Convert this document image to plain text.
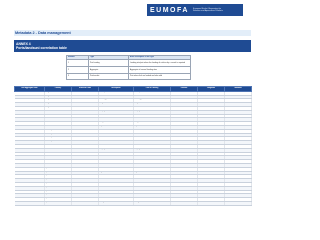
EUMOFA European Market Observatory for
Fisheries and Aquaculture Products
Metadata 2 - Data management
ANNEX 4
Ports/landsuni correlation table
Number	Type	Brief description of the type
1	Port landing	Landing site/port where the landing of catches by a vessel is reported
2	Aggregate	Aggregate of several landing sites
3	Port/market	Port where fish are landed and also sold
MS/ Aggregate code	Country	EUMOFA Code	Description	Port of Landing	Latitude	Longitude	Standard
BE	Belgium	BE01	Nieuwpoort	Nieuwpoort	51.1333	2.7500	Port
BE	Belgium	BE02	Oostende	Oostende	51.2333	2.9167	Port
BE	Belgium	BE03	Zeebrugge	Zeebrugge	51.3333	3.2000	Port
BG	Bulgaria	BG01	Burgas	Burgas	42.4833	27.4833	Port
BG	Bulgaria	BG02	Varna	Varna	43.2000	27.9167	Port
DK	Denmark	DK01	Esbjerg	Esbjerg	55.4667	8.4500	Port
DK	Denmark	DK02	Hanstholm	Hanstholm	57.1167	8.6000	Port
DK	Denmark	DK03	Hirtshals	Hirtshals	57.5833	9.9667	Port
DK	Denmark	DK04	Skagen	Skagen	57.7167	10.5833	Port
DK	Denmark	DK05	Thyborøn	Thyborøn	56.7000	8.2167	Port
DE	Germany	DE01	Bremerhaven	Bremerhaven	53.5500	8.5833	Port
DE	Germany	DE02	Cuxhaven	Cuxhaven	53.8667	8.7000	Port
DE	Germany	DE03	Sassnitz	Sassnitz	54.5167	13.6333	Port
DE	Germany	DE04	Rostock	Rostock	54.0833	12.1333	Port
EE	Estonia	EE01	Paldiski	Paldiski	59.3500	24.0500	Port
IE	Ireland	IE01	Killybegs	Killybegs	54.6333	-8.4500	Port
IE	Ireland	IE02	Castletownbere	Castletownbere	51.6500	-9.9000	Port
IE	Ireland	IE03	Rossaveal	Rossaveal	53.2667	-9.5500	Port
EL	Greece	EL01	Piraeus	Piraeus	37.9333	23.6333	Port
EL	Greece	EL02	Thessaloniki	Thessaloniki	40.6333	22.9333	Port
ES	Spain	ES01	A Coruña	A Coruña	43.3667	-8.3833	Port
ES	Spain	ES02	Vigo	Vigo	42.2333	-8.7167	Port
ES	Spain	ES03	Burela	Burela	43.6667	-7.3500	Port
ES	Spain	ES04	Celeiro	Celeiro	43.6833	-7.6000	Port
ES	Spain	ES05	Ondarroa	Ondarroa	43.3167	-2.4167	Port
ES	Spain	ES06	Pasaia	Pasaia	43.3167	-1.9167	Port
ES	Spain	ES07	Santander	Santander	43.4667	-3.8000	Port
ES	Spain	ES08	Cádiz	Cádiz	36.5333	-6.3000	Port
ES	Spain	ES09	Almería	Almería	36.8333	-2.4667	Port
ES	Spain	ES10	Tarragona	Tarragona	41.1167	1.2500	Port
